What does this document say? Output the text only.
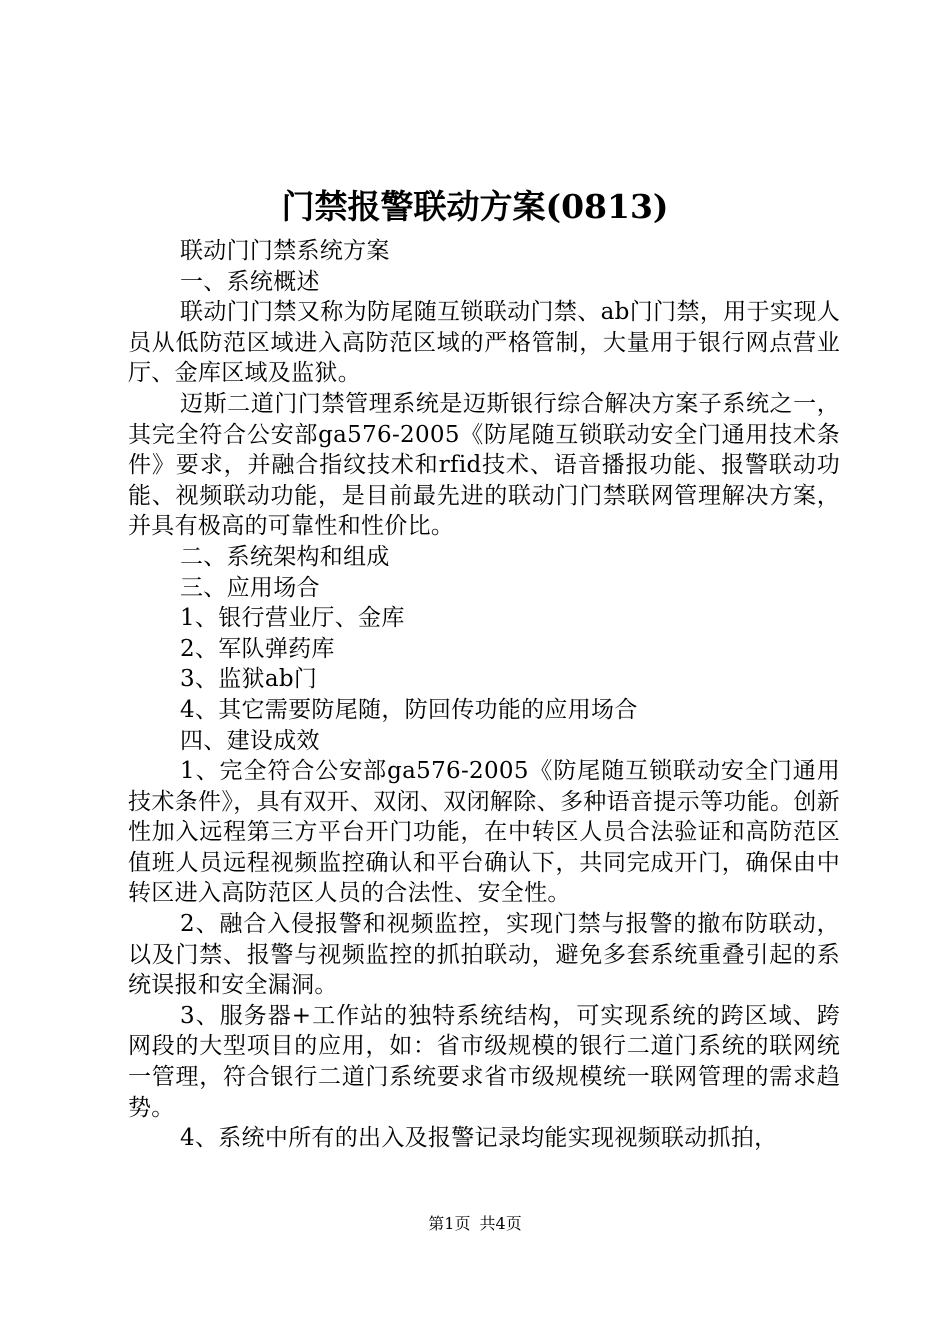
门禁报警联动方案(0813)

联动门门禁系统方案

一、系统概述

联动门门禁又称为防尾随互锁联动门禁、ab门门禁，用于实现人员从低防范区域进入高防范区域的严格管制，大量用于银行网点营业厅、金库区域及监狱。

迈斯二道门门禁管理系统是迈斯银行综合解决方案子系统之一，其完全符合公安部ga576-2005《防尾随互锁联动安全门通用技术条件》要求，并融合指纹技术和rfid技术、语音播报功能、报警联动功能、视频联动功能，是目前最先进的联动门门禁联网管理解决方案，并具有极高的可靠性和性价比。

二、系统架构和组成

三、应用场合

1、银行营业厅、金库

2、军队弹药库

3、监狱ab门

4、其它需要防尾随，防回传功能的应用场合

四、建设成效

1、完全符合公安部ga576-2005《防尾随互锁联动安全门通用技术条件》，具有双开、双闭、双闭解除、多种语音提示等功能。创新性加入远程第三方平台开门功能，在中转区人员合法验证和高防范区值班人员远程视频监控确认和平台确认下，共同完成开门，确保由中转区进入高防范区人员的合法性、安全性。

2、融合入侵报警和视频监控，实现门禁与报警的撤布防联动，以及门禁、报警与视频监控的抓拍联动，避免多套系统重叠引起的系统误报和安全漏洞。

3、服务器+工作站的独特系统结构，可实现系统的跨区域、跨网段的大型项目的应用，如：省市级规模的银行二道门系统的联网统一管理，符合银行二道门系统要求省市级规模统一联网管理的需求趋势。

4、系统中所有的出入及报警记录均能实现视频联动抓拍，

第1页 共4页
